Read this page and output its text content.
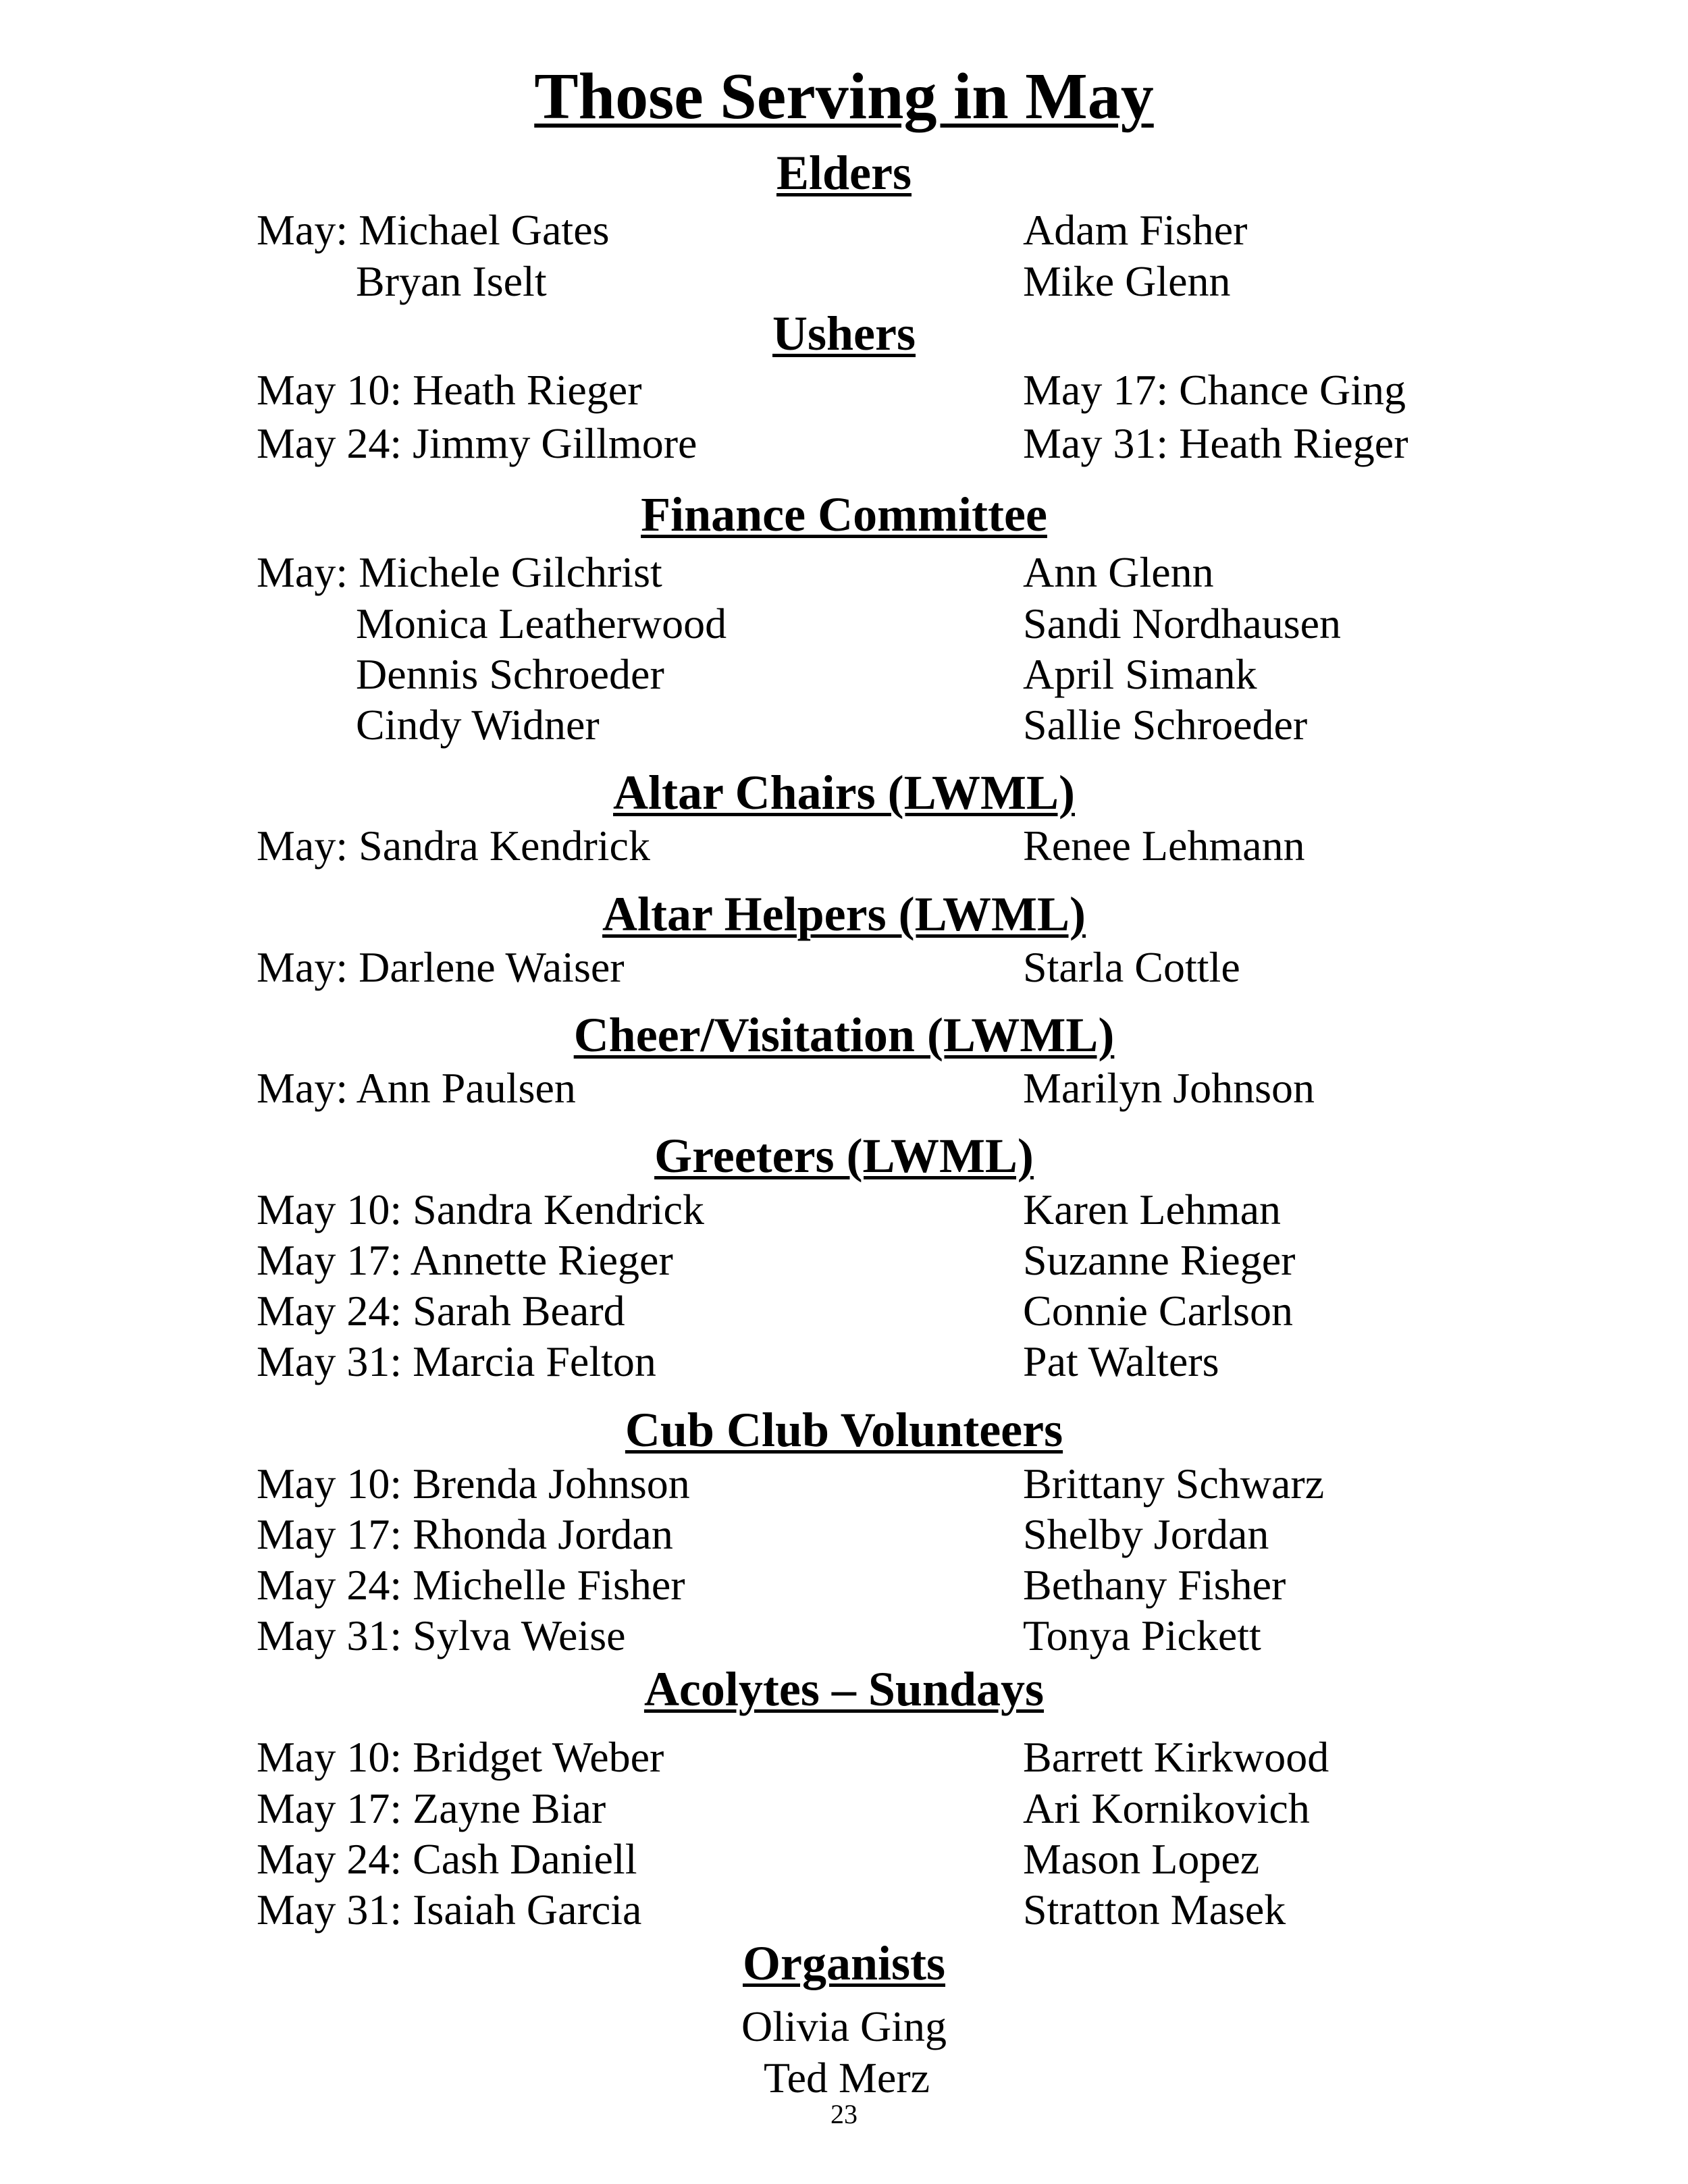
Those Serving in May
Elders
May: Michael Gates	Adam Fisher
Bryan Iselt	Mike Glenn
Ushers
May 10: Heath Rieger	May 17: Chance Ging
May 24: Jimmy Gillmore	May 31: Heath Rieger
Finance Committee
May: Michele Gilchrist	Ann Glenn
Monica Leatherwood	Sandi Nordhausen
Dennis Schroeder	April Simank
Cindy Widner	Sallie Schroeder
Altar Chairs (LWML)
May: Sandra Kendrick	Renee Lehmann
Altar Helpers (LWML)
May: Darlene Waiser	Starla Cottle
Cheer/Visitation (LWML)
May: Ann Paulsen	Marilyn Johnson
Greeters (LWML)
May 10: Sandra Kendrick	Karen Lehman
May 17: Annette Rieger	Suzanne Rieger
May 24: Sarah Beard	Connie Carlson
May 31: Marcia Felton	Pat Walters
Cub Club Volunteers
May 10: Brenda Johnson	Brittany Schwarz
May 17: Rhonda Jordan	Shelby Jordan
May 24: Michelle Fisher	Bethany Fisher
May 31: Sylva Weise	Tonya Pickett
Acolytes – Sundays
May 10: Bridget Weber	Barrett Kirkwood
May 17: Zayne Biar	Ari Kornikovich
May 24: Cash Daniell	Mason Lopez
May 31: Isaiah Garcia	Stratton Masek
Organists
Olivia Ging
Ted Merz
23
